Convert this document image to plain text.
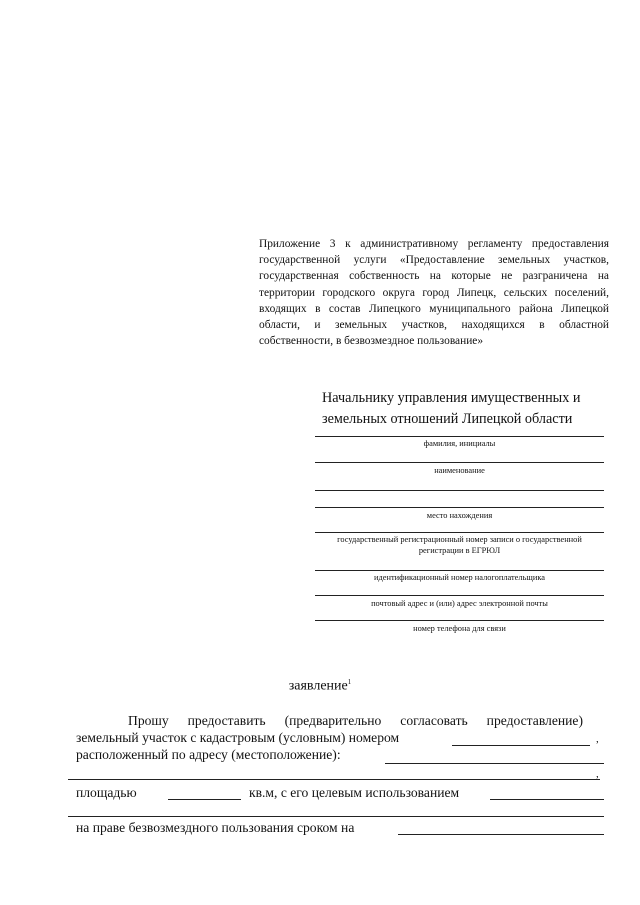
Приложение 3 к административному регламенту предоставления государственной услуги «Предоставление земельных участков, государственная собственность на которые не разграничена на территории городского округа город Липецк, сельских поселений, входящих в состав Липецкого муниципального района Липецкой области, и земельных участков, находящихся в областной собственности, в безвозмездное пользование»
Начальнику управления имущественных и
земельных отношений Липецкой области
фамилия, инициалы
наименование
место нахождения
государственный регистрационный номер записи о государственной регистрации в ЕГРЮЛ
идентификационный номер налогоплательщика
почтовый адрес и (или) адрес электронной почты
номер телефона для связи
заявление$^1$
Прошу предоставить (предварительно согласовать предоставление)
земельный участок с кадастровым (условным) номером	,
расположенный по адресу (местоположение):
,
площадью	кв.м, с его целевым использованием
на праве безвозмездного пользования сроком на
